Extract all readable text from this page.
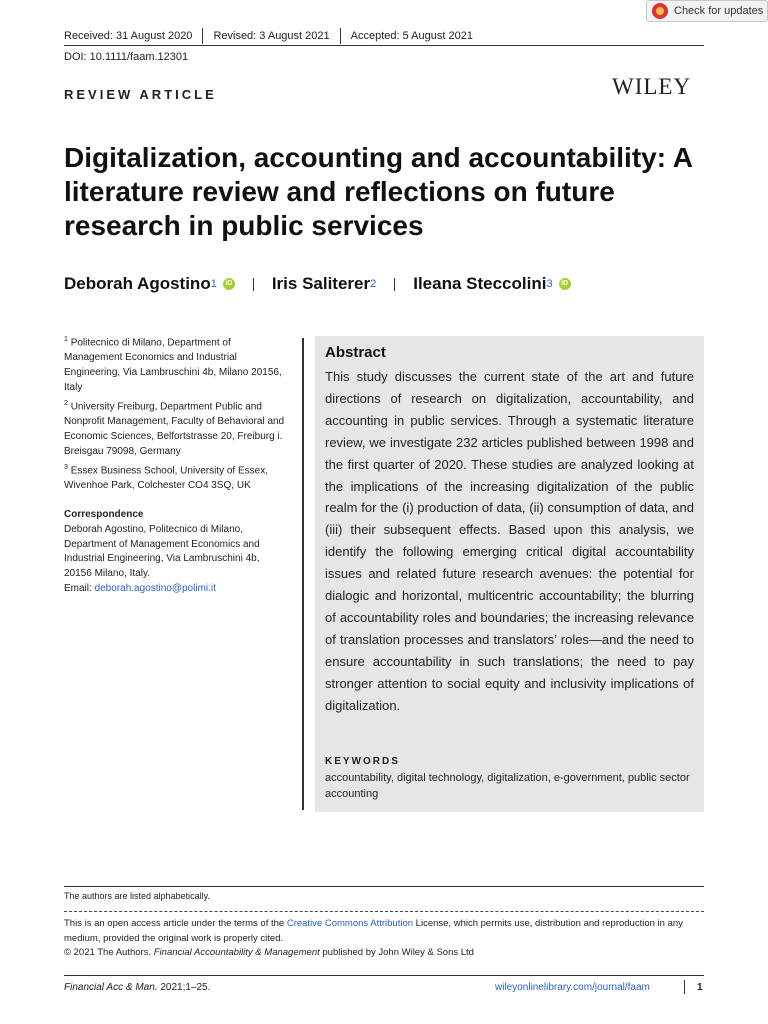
Check for updates
Received: 31 August 2020 Revised: 3 August 2021 Accepted: 5 August 2021
DOI: 10.1111/faam.12301
REVIEW ARTICLE	WILEY
Digitalization, accounting and accountability: A
literature review and reflections on future
research in public services
Deborah Agostino 1	iD Iris Saliterer 2 Ileana Steccolini 3	iD
$^1$ Politecnico di Milano, Department of Management Economics and Industrial Engineering, Via Lambruschini 4b, Milano 20156, Italy
$^2$ University Freiburg, Department Public and Nonprofit Management, Faculty of Behavioral and Economic Sciences, Belfortstrasse 20, Freiburg i. Breisgau 79098, Germany
$^3$ Essex Business School, University of Essex, Wivenhoe Park, Colchester CO4 3SQ, UK
Correspondence
Deborah Agostino, Politecnico di Milano, Department of Management Economics and Industrial Engineering, Via Lambruschini 4b, 20156 Milano, Italy.
Email: deborah.agostino@polimi.it
Abstract
This study discusses the current state of the art and future directions of research on digitalization, accountability, and accounting in public services. Through a systematic literature review, we investigate 232 articles published between 1998 and the first quarter of 2020. These studies are analyzed looking at the implications of the increasing digitalization of the public realm for the (i) production of data, (ii) consumption of data, and (iii) their subsequent effects. Based upon this analysis, we identify the following emerging critical digital accountability issues and related future research avenues: the potential for dialogic and horizontal, multicentric accountability; the blurring of accountability roles and boundaries; the increasing relevance of translation processes and translators’ roles—and the need to ensure accountability in such translations; the need to pay stronger attention to social equity and inclusivity implications of digitalization.
KEYWORDS
accountability, digital technology, digitalization, e-government, public sector accounting
The authors are listed alphabetically.
This is an open access article under the terms of the Creative Commons Attribution License, which permits use, distribution and reproduction in any medium, provided the original work is properly cited.
© 2021 The Authors. Financial Accountability & Management published by John Wiley & Sons Ltd
Financial Acc & Man. 2021;1–25.	wileyonlinelibrary.com/journal/faam	1
